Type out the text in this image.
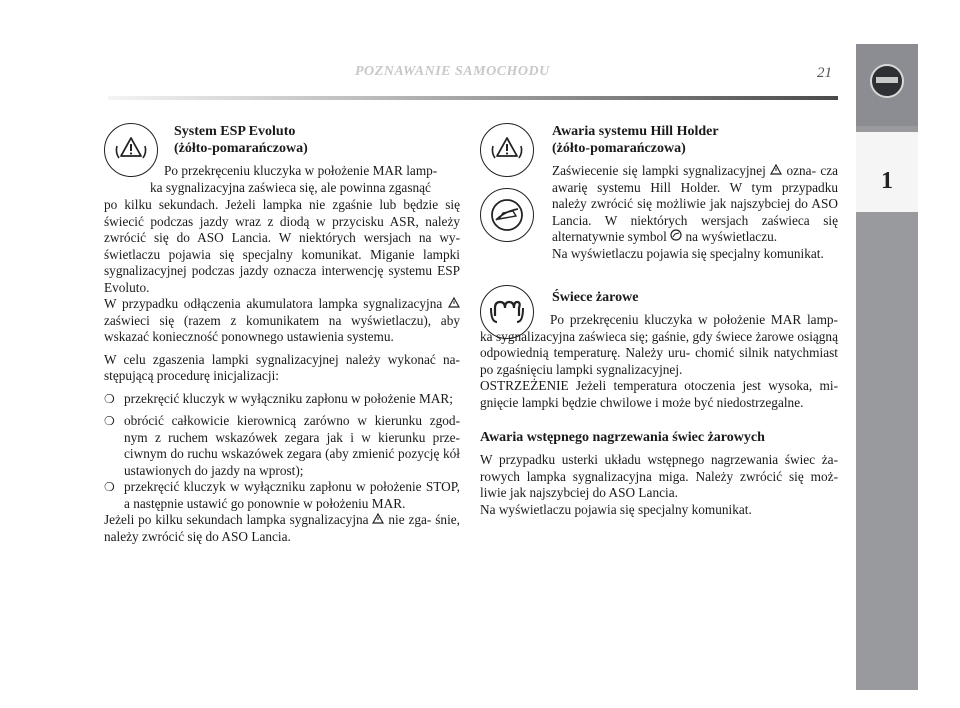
POZNAWANIE SAMOCHODU	21
1
System ESP Evoluto
(żółto-pomarańczowa)

Po przekręceniu kluczyka w położenie MAR lamp-

ka sygnalizacyjna zaświeca się, ale powinna zgasnąć

po kilku sekundach. Jeżeli lampka nie zgaśnie lub będzie się świecić podczas jazdy wraz z diodą w przycisku ASR, należy zwrócić się do ASO Lancia. W niektórych wersjach na wy- świetlaczu pojawia się specjalny komunikat. Miganie lampki sygnalizacyjnej podczas jazdy oznacza interwencję systemu ESP Evoluto.

W przypadku odłączenia akumulatora lampka sygnalizacyjna  zaświeci się (razem z komunikatem na wyświetlaczu), aby wskazać konieczność ponownego ustawienia systemu.

W celu zgaszenia lampki sygnalizacyjnej należy wykonać na- stępującą procedurę inicjalizacji:

❍ przekręcić kluczyk w wyłączniku zapłonu w położenie MAR;

❍ obrócić całkowicie kierownicą zarówno w kierunku zgod- nym z ruchem wskazówek zegara jak i w kierunku prze- ciwnym do ruchu wskazówek zegara (aby zmienić pozycję kół ustawionych do jazdy na wprost);

❍ przekręcić kluczyk w wyłączniku zapłonu w położenie STOP, a następnie ustawić go ponownie w położeniu MAR.

Jeżeli po kilku sekundach lampka sygnalizacyjna nie zga- śnie, należy zwrócić się do ASO Lancia.

Awaria systemu Hill Holder
(żółto-pomarańczowa)

Zaświecenie się lampki sygnalizacyjnej ozna- cza awarię systemu Hill Holder. W tym przypadku należy zwrócić się możliwie jak najszybciej do ASO Lancia. W niektórych wersjach zaświeca się alternatywnie symbol na wyświetlaczu.

Na wyświetlaczu pojawia się specjalny komunikat.

Świece żarowe

Po przekręceniu kluczyka w położenie MAR lamp- ka sygnalizacyjna zaświeca się; gaśnie, gdy świece żarowe osiągną odpowiednią temperaturę. Należy uru- chomić silnik natychmiast po zgaśnięciu lampki sygnalizacyjnej.

OSTRZEŻENIE Jeżeli temperatura otoczenia jest wysoka, mi- gnięcie lampki będzie chwilowe i może być niedostrzegalne.

Awaria wstępnego nagrzewania świec żarowych

W przypadku usterki układu wstępnego nagrzewania świec ża- rowych lampka sygnalizacyjna miga. Należy zwrócić się moż- liwie jak najszybciej do ASO Lancia.

Na wyświetlaczu pojawia się specjalny komunikat.
